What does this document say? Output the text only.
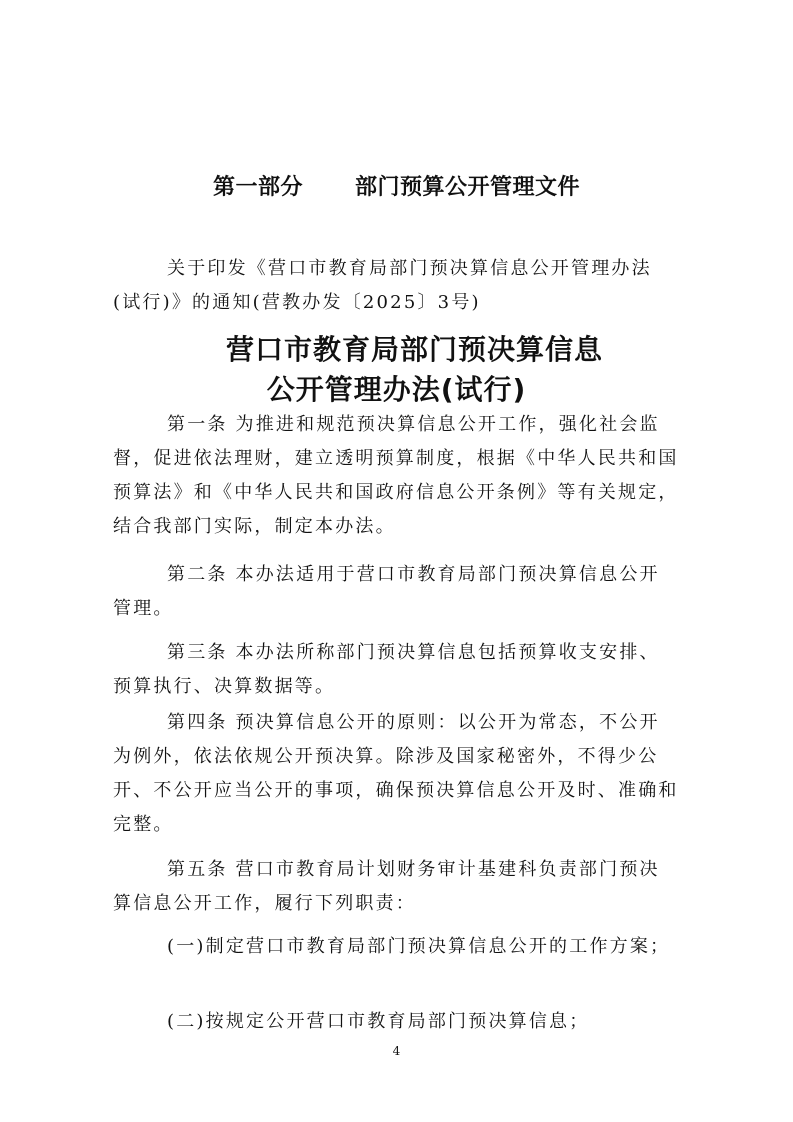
第一部分 部门预算公开管理文件
关于印发《营口市教育局部门预决算信息公开管理办法(试行)》的通知(营教办发〔2025〕3号)
营口市教育局部门预决算信息
公开管理办法(试行)

第一条 为推进和规范预决算信息公开工作，强化社会监督，促进依法理财，建立透明预算制度，根据《中华人民共和国预算法》和《中华人民共和国政府信息公开条例》等有关规定，结合我部门实际，制定本办法。

第二条 本办法适用于营口市教育局部门预决算信息公开管理。

第三条 本办法所称部门预决算信息包括预算收支安排、预算执行、决算数据等。

第四条 预决算信息公开的原则：以公开为常态，不公开为例外，依法依规公开预决算。除涉及国家秘密外，不得少公开、不公开应当公开的事项，确保预决算信息公开及时、准确和完整。

第五条 营口市教育局计划财务审计基建科负责部门预决算信息公开工作，履行下列职责：

(一)制定营口市教育局部门预决算信息公开的工作方案；

(二)按规定公开营口市教育局部门预决算信息；

4
